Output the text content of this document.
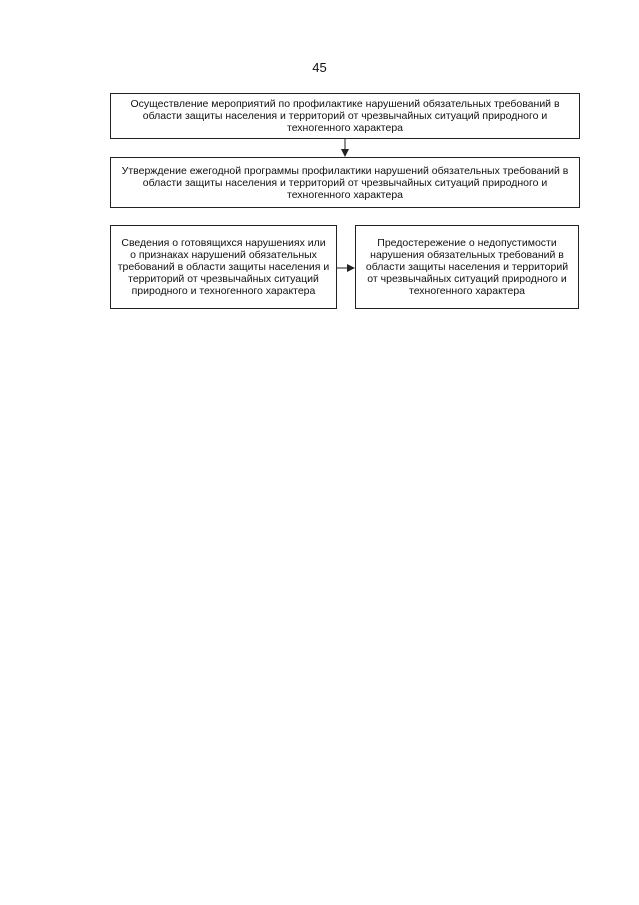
45
Осуществление мероприятий по профилактике нарушений обязательных требований в области защиты населения и территорий от чрезвычайных ситуаций природного и техногенного характера
Утверждение ежегодной программы профилактики нарушений обязательных требований в области защиты населения и территорий от чрезвычайных ситуаций природного и техногенного характера
Сведения о готовящихся нарушениях или о признаках нарушений обязательных требований в области защиты населения и территорий от чрезвычайных ситуаций природного и техногенного характера
Предостережение о недопустимости нарушения обязательных требований в области защиты населения и территорий от чрезвычайных ситуаций природного и техногенного характера
